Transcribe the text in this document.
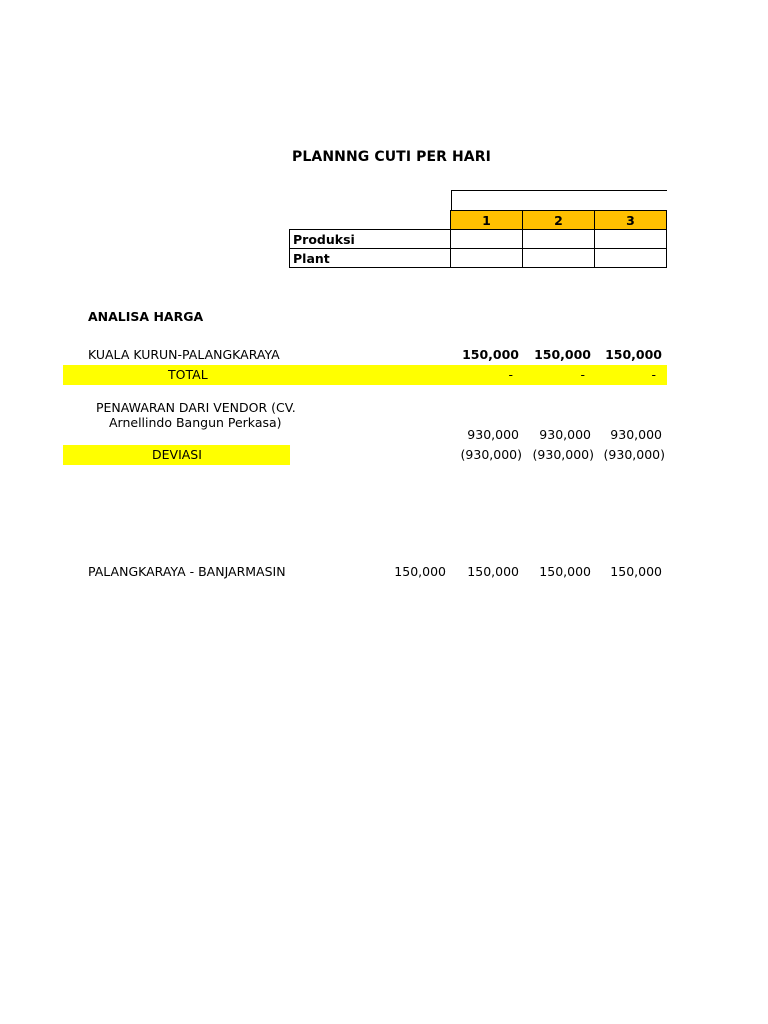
PLANNNG CUTI PER HARI
	1	2	3
Produksi			
Plant			
ANALISA HARGA
KUALA KURUN-PALANGKARAYA	150,000	150,000	150,000
TOTAL	-	-	-
PENAWARAN DARI VENDOR (CV.
Arnellindo Bangun Perkasa)
930,000	930,000	930,000
DEVIASI	(930,000) (930,000) (930,000)
PALANGKARAYA - BANJARMASIN	150,000	150,000	150,000	150,000
